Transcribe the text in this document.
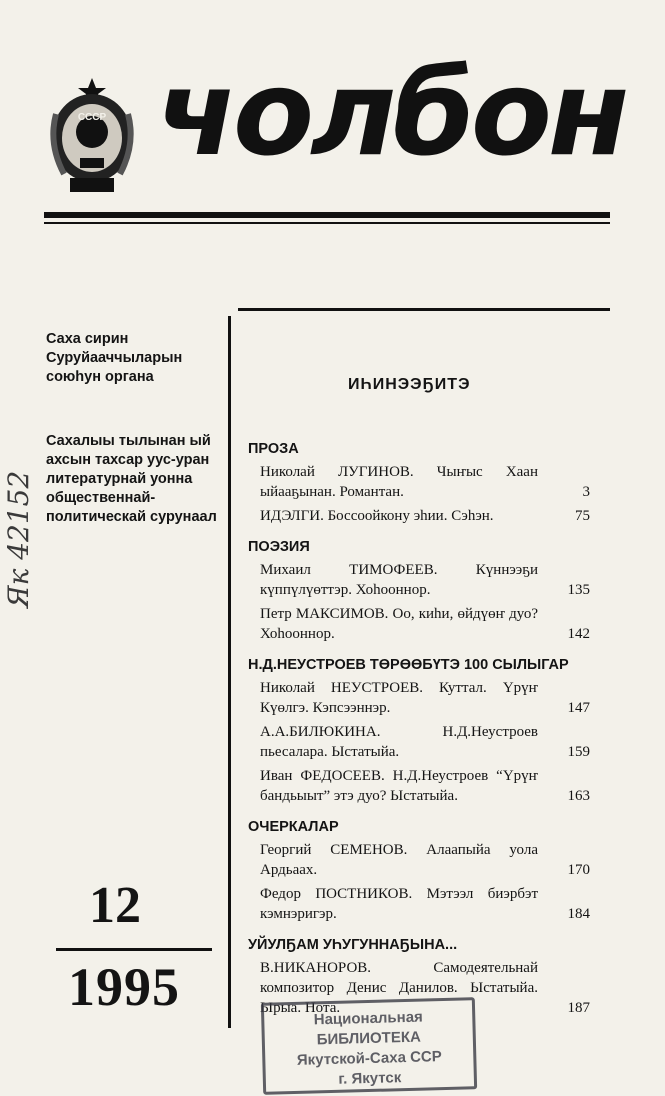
СССР чолбон
Саха сирин Суруйааччыларын союһун органа
Сахалыы тылынан ый ахсын тахсар уус-уран литературнай уонна общественнай-политическай сурунаал
Як 42152
12
1995
ИҺИНЭЭҔИТЭ
ПРОЗА
Николай ЛУГИНОВ. Чыҥыс Хаан ыйааҕынан. Романтан.	3
ИДЭЛГИ. Боссоойкону эһии. Сэһэн.	75
ПОЭЗИЯ
Михаил ТИМОФЕЕВ. Күннээҕи күппүлүөттэр. Хоһооннор.	135
Петр МАКСИМОВ. Оо, киһи, өйдүөҥ дуо? Хоһооннор.	142
Н.Д.НЕУСТРОЕВ ТӨРӨӨБҮТЭ 100 СЫЛЫГАР
Николай НЕУСТРОЕВ. Куттал. Үрүҥ Күөлгэ. Кэпсээннэр.	147
А.А.БИЛЮКИНА. Н.Д.Неустроев пьесалара. Ыстатыйа.	159
Иван ФЕДОСЕЕВ. Н.Д.Неустроев “Үрүҥ бандьыыт” этэ дуо? Ыстатыйа.	163
ОЧЕРКАЛАР
Георгий СЕМЕНОВ. Алаапыйа уола Ардьаах.	170
Федор ПОСТНИКОВ. Мэтээл биэрбэт кэмнэригэр.	184
УЙУЛҔАМ УҺУГУННАҔЫНА...
В.НИКАНОРОВ. Самодеятельнай композитор Денис Данилов. Ыстатыйа. Ырыа. Нота.	187
Национальная
БИБЛИОТЕКА
Якутской-Саха ССР
г. Якутск
